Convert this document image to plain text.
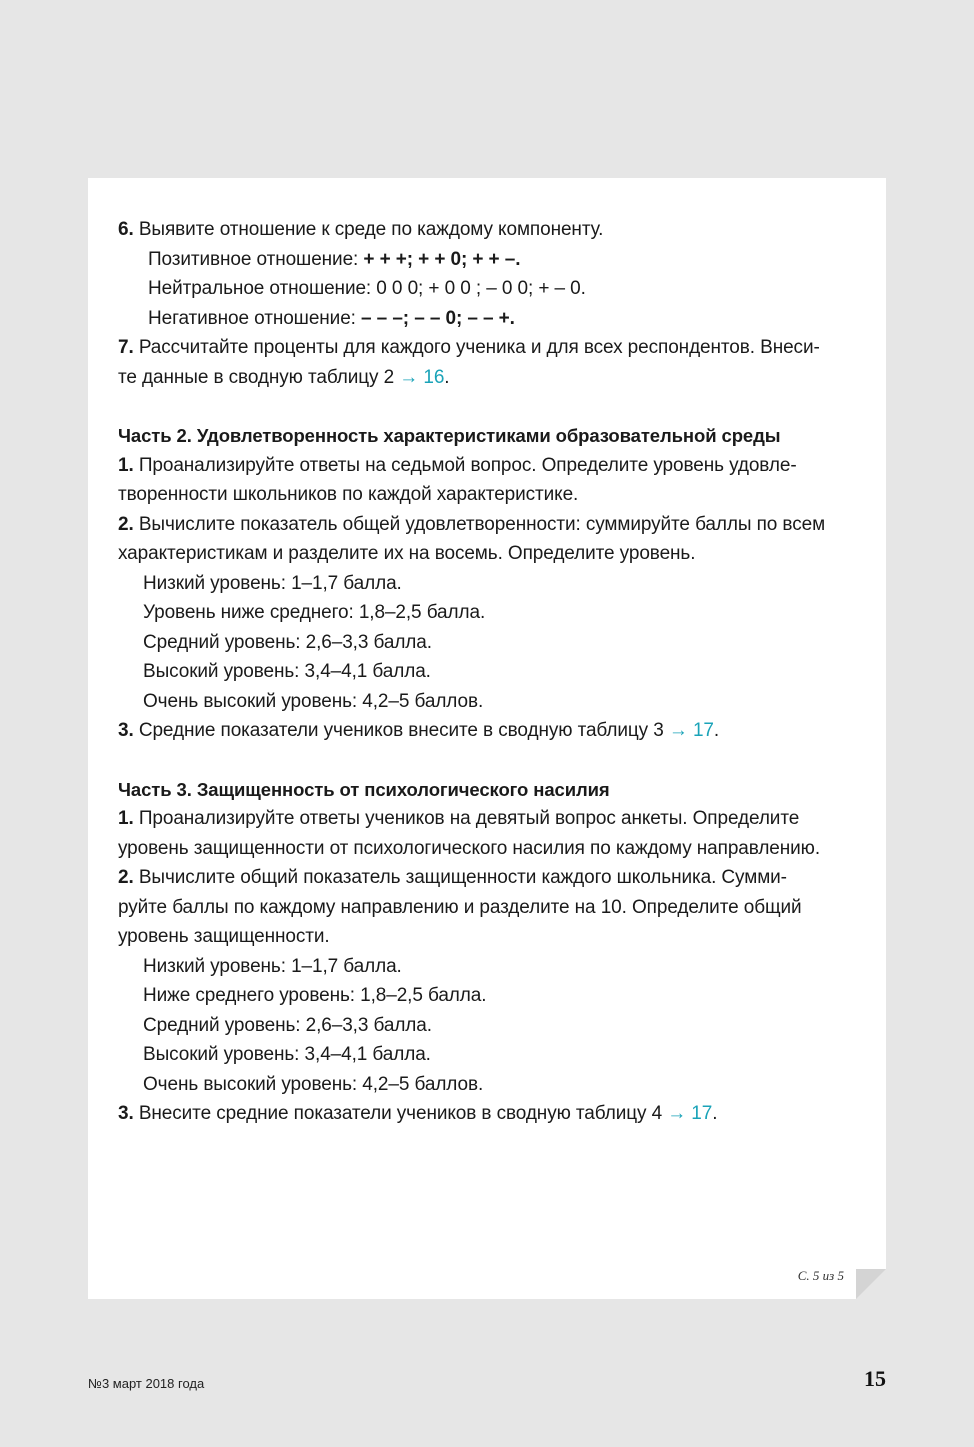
6. Выявите отношение к среде по каждому компоненту.

Позитивное отношение: + + +; + + 0; + + –.

Нейтральное отношение: 0 0 0; + 0 0 ; – 0 0; + – 0.

Негативное отношение: – – –; – – 0; – – +.

7. Рассчитайте проценты для каждого ученика и для всех респондентов. Внеси-

те данные в сводную таблицу 2 → 16.

Часть 2. Удовлетворенность характеристиками образовательной среды

1. Проанализируйте ответы на седьмой вопрос. Определите уровень удовле-

творенности школьников по каждой характеристике.

2. Вычислите показатель общей удовлетворенности: суммируйте баллы по всем

характеристикам и разделите их на восемь. Определите уровень.

Низкий уровень: 1–1,7 балла.

Уровень ниже среднего: 1,8–2,5 балла.

Средний уровень: 2,6–3,3 балла.

Высокий уровень: 3,4–4,1 балла.

Очень высокий уровень: 4,2–5 баллов.

3. Средние показатели учеников внесите в сводную таблицу 3 → 17.

Часть 3. Защищенность от психологического насилия

1. Проанализируйте ответы учеников на девятый вопрос анкеты. Определите

уровень защищенности от психологического насилия по каждому направлению.

2. Вычислите общий показатель защищенности каждого школьника. Сумми-

руйте баллы по каждому направлению и разделите на 10. Определите общий

уровень защищенности.

Низкий уровень: 1–1,7 балла.

Ниже среднего уровень: 1,8–2,5 балла.

Средний уровень: 2,6–3,3 балла.

Высокий уровень: 3,4–4,1 балла.

Очень высокий уровень: 4,2–5 баллов.

3. Внесите средние показатели учеников в сводную таблицу 4 → 17.

С. 5 из 5
№3 март 2018 года	15
